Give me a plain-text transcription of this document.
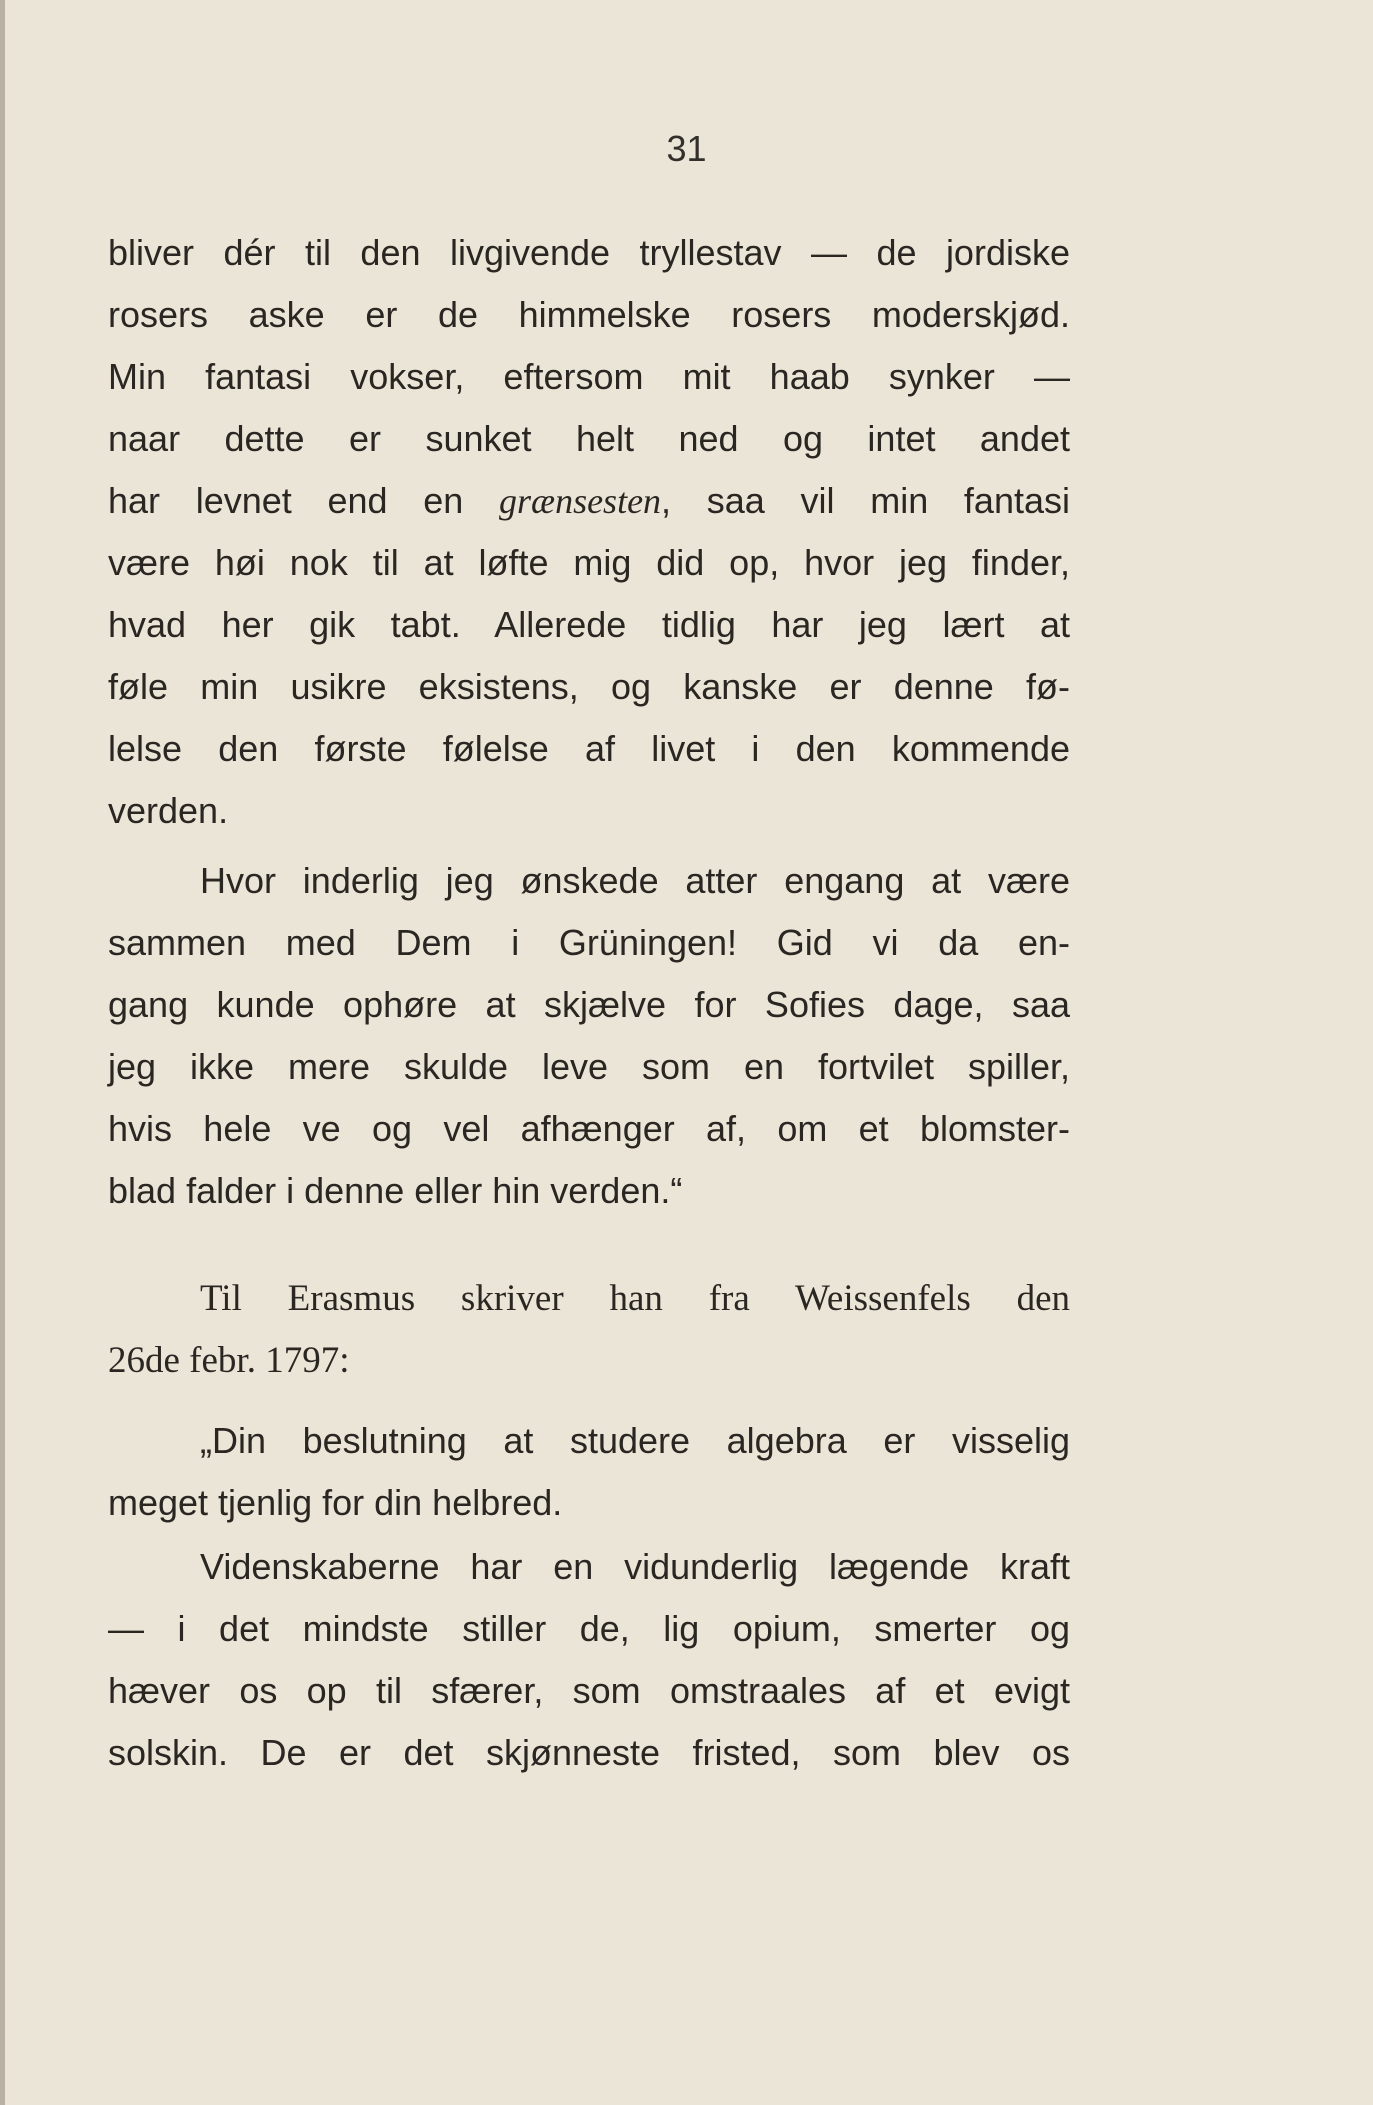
31
bliver dér til den livgivende tryllestav — de jordiske
rosers aske er de himmelske rosers moderskjød.
Min fantasi vokser, eftersom mit haab synker —
naar dette er sunket helt ned og intet andet
har levnet end en grænsesten, saa vil min fantasi
være høi nok til at løfte mig did op, hvor jeg finder,
hvad her gik tabt. Allerede tidlig har jeg lært at
føle min usikre eksistens, og kanske er denne fø-
lelse den første følelse af livet i den kommende
verden.
Hvor inderlig jeg ønskede atter engang at være
sammen med Dem i Grüningen! Gid vi da en-
gang kunde ophøre at skjælve for Sofies dage, saa
jeg ikke mere skulde leve som en fortvilet spiller,
hvis hele ve og vel afhænger af, om et blomster-
blad falder i denne eller hin verden.“
Til Erasmus skriver han fra Weissenfels den
26de febr. 1797:
„Din beslutning at studere algebra er visselig
meget tjenlig for din helbred.
Videnskaberne har en vidunderlig lægende kraft
— i det mindste stiller de, lig opium, smerter og
hæver os op til sfærer, som omstraales af et evigt
solskin. De er det skjønneste fristed, som blev os
